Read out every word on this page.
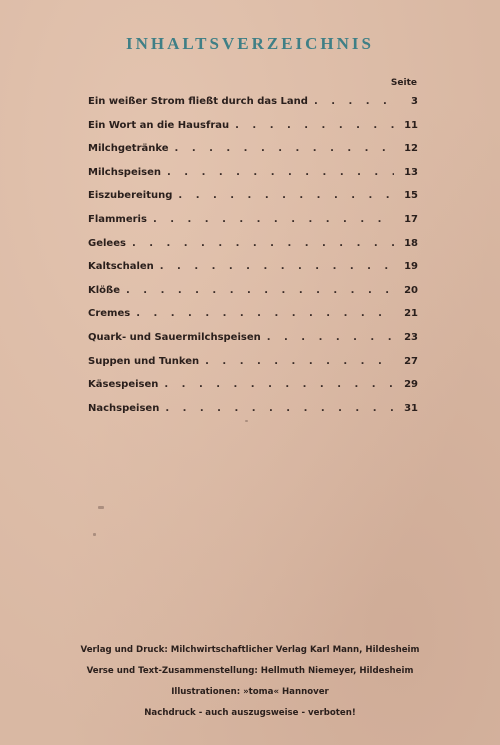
INHALTSVERZEICHNIS
Seite
Ein weißer Strom fließt durch das Land . . .	3
Ein Wort an die Hausfrau . . .	11
Milchgetränke . . .	12
Milchspeisen . . .	13
Eiszubereitung . . .	15
Flammeris . . .	17
Gelees . . .	18
Kaltschalen . . .	19
Klöße . . .	20
Cremes . . .	21
Quark- und Sauermilchspeisen . . .	23
Suppen und Tunken . . .	27
Käsespeisen . . .	29
Nachspeisen . . .	31
Verlag und Druck: Milchwirtschaftlicher Verlag Karl Mann, Hildesheim
Verse und Text-Zusammenstellung: Hellmuth Niemeyer, Hildesheim
Illustrationen: »toma« Hannover
Nachdruck - auch auszugsweise - verboten!
